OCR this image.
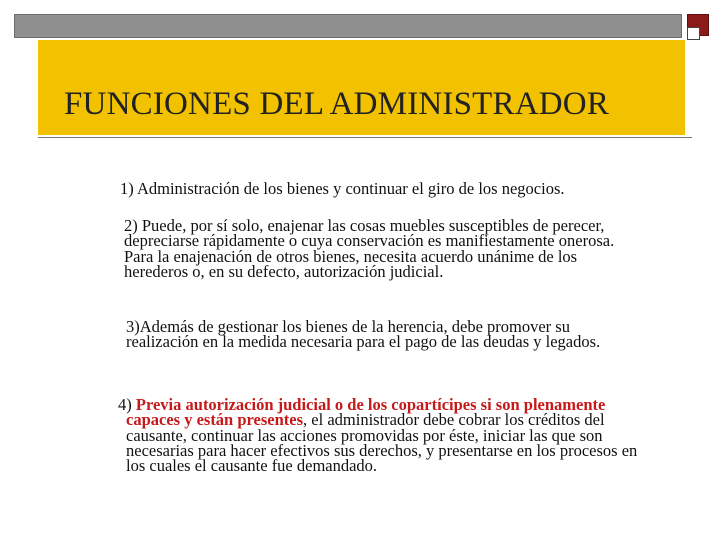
FUNCIONES DEL ADMINISTRADOR

1) Administración de los bienes y continuar el giro de los negocios.

2) Puede, por sí solo, enajenar las cosas muebles susceptibles de perecer, depreciarse rápidamente o cuya conservación es manifiestamente onerosa. Para la enajenación de otros bienes, necesita acuerdo unánime de los herederos o, en su defecto, autorización judicial.

3)Además de gestionar los bienes de la herencia, debe promover su realización en la medida necesaria para el pago de las deudas y legados.

4) Previa autorización judicial o de los copartícipes si son plenamente capaces y están presentes, el administrador debe cobrar los créditos del causante, continuar las acciones promovidas por éste, iniciar las que son necesarias para hacer efectivos sus derechos, y presentarse en los procesos en los cuales el causante fue demandado.
